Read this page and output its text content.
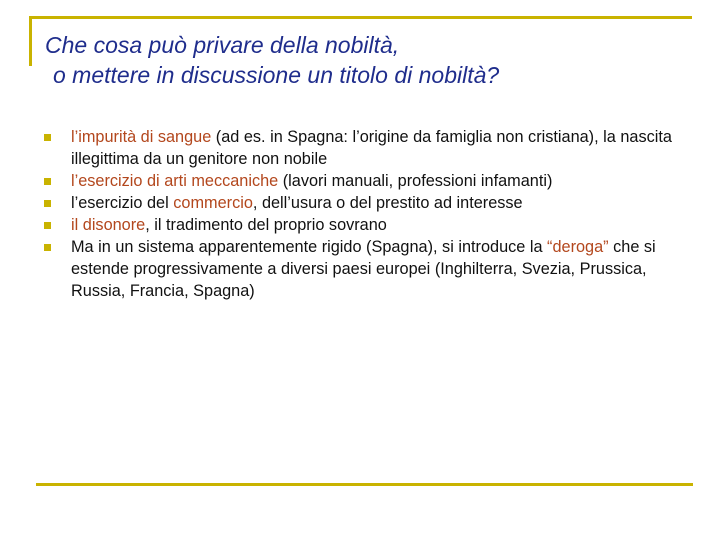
Che cosa può privare della nobiltà,
o mettere in discussione un titolo di nobiltà?
l’impurità di sangue (ad es. in Spagna: l’origine da famiglia non cristiana), la nascita illegittima da un genitore non nobile
l’esercizio di arti meccaniche (lavori manuali, professioni infamanti)
l’esercizio del commercio, dell’usura o del prestito ad interesse
il disonore, il tradimento del proprio sovrano
Ma in un sistema apparentemente rigido (Spagna), si introduce la “deroga” che si estende progressivamente a diversi paesi europei (Inghilterra, Svezia, Prussica, Russia, Francia, Spagna)
